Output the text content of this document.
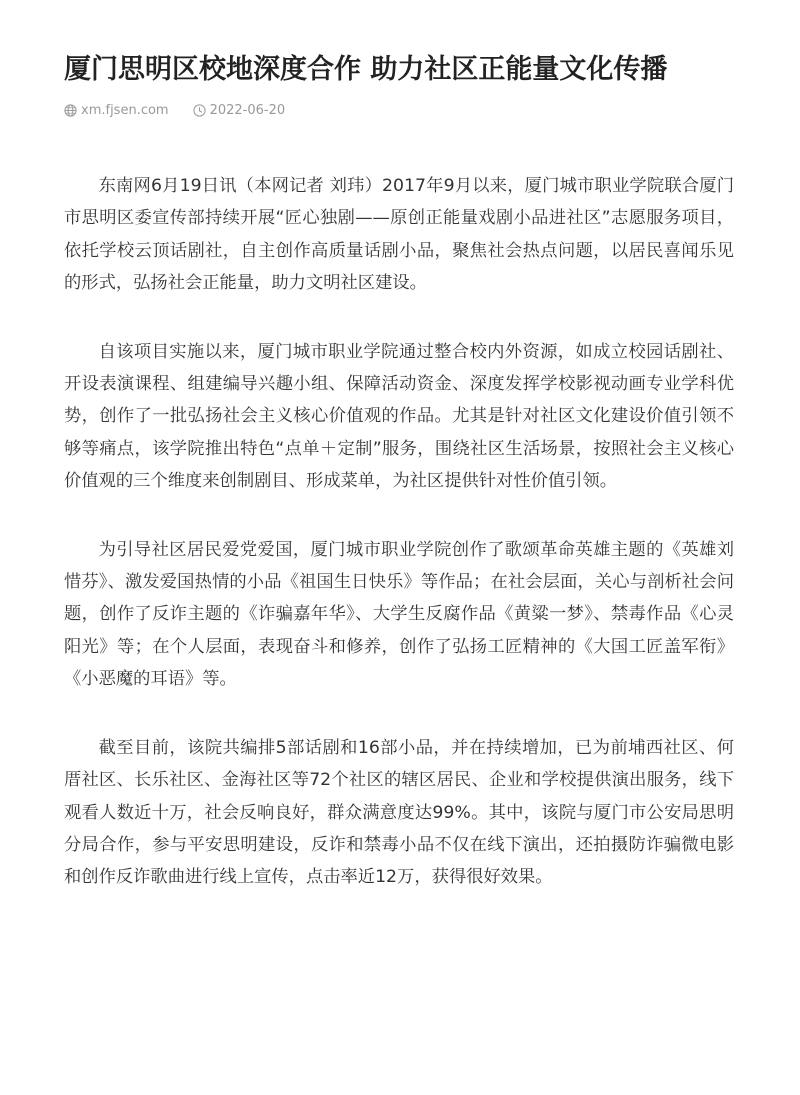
厦门思明区校地深度合作 助力社区正能量文化传播
xm.fjsen.com	2022-06-20

东南网6月19日讯（本网记者 刘玮）2017年9月以来，厦门城市职业学院联合厦门市思明区委宣传部持续开展“匠心独剧——原创正能量戏剧小品进社区”志愿服务项目，依托学校云顶话剧社，自主创作高质量话剧小品，聚焦社会热点问题，以居民喜闻乐见的形式，弘扬社会正能量，助力文明社区建设。

自该项目实施以来，厦门城市职业学院通过整合校内外资源，如成立校园话剧社、开设表演课程、组建编导兴趣小组、保障活动资金、深度发挥学校影视动画专业学科优势，创作了一批弘扬社会主义核心价值观的作品。尤其是针对社区文化建设价值引领不够等痛点，该学院推出特色“点单＋定制”服务，围绕社区生活场景，按照社会主义核心价值观的三个维度来创制剧目、形成菜单，为社区提供针对性价值引领。

为引导社区居民爱党爱国，厦门城市职业学院创作了歌颂革命英雄主题的《英雄刘惜芬》、激发爱国热情的小品《祖国生日快乐》等作品；在社会层面，关心与剖析社会问题，创作了反诈主题的《诈骗嘉年华》、大学生反腐作品《黄粱一梦》、禁毒作品《心灵阳光》等；在个人层面，表现奋斗和修养，创作了弘扬工匠精神的《大国工匠盖军衔》《小恶魔的耳语》等。

截至目前，该院共编排5部话剧和16部小品，并在持续增加，已为前埔西社区、何厝社区、长乐社区、金海社区等72个社区的辖区居民、企业和学校提供演出服务，线下观看人数近十万，社会反响良好，群众满意度达99%。其中，该院与厦门市公安局思明分局合作，参与平安思明建设，反诈和禁毒小品不仅在线下演出，还拍摄防诈骗微电影和创作反诈歌曲进行线上宣传，点击率近12万，获得很好效果。
